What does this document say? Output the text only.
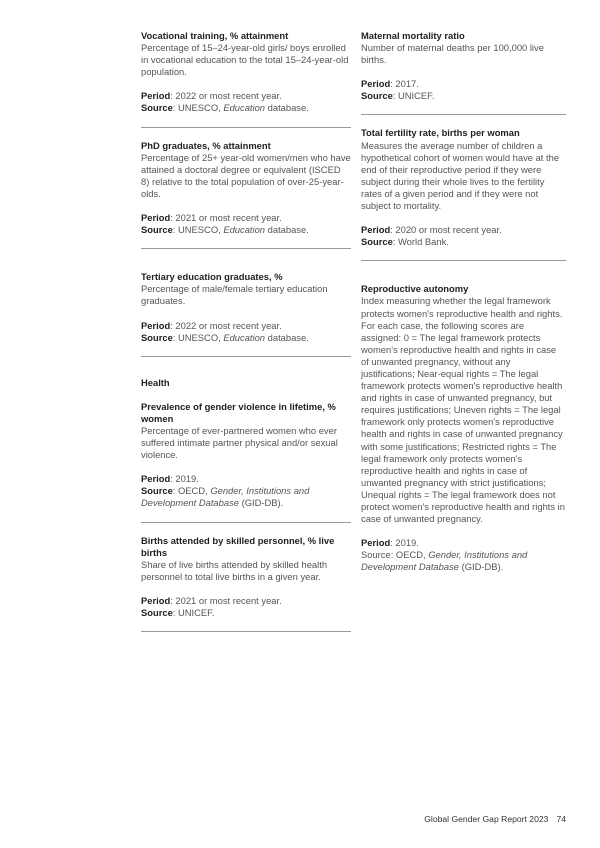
Vocational training, % attainment
Percentage of 15–24-year-old girls/ boys enrolled in vocational education to the total 15–24-year-old population.
Period: 2022 or most recent year.
Source: UNESCO, Education database.
PhD graduates, % attainment
Percentage of 25+ year-old women/men who have attained a doctoral degree or equivalent (ISCED 8) relative to the total population of over-25-year-olds.
Period: 2021 or most recent year.
Source: UNESCO, Education database.
Tertiary education graduates, %
Percentage of male/female tertiary education graduates.
Period: 2022 or most recent year.
Source: UNESCO, Education database.
Health
Prevalence of gender violence in lifetime, % women
Percentage of ever-partnered women who ever suffered intimate partner physical and/or sexual violence.
Period: 2019.
Source: OECD, Gender, Institutions and Development Database (GID-DB).
Births attended by skilled personnel, % live births
Share of live births attended by skilled health personnel to total live births in a given year.
Period: 2021 or most recent year.
Source: UNICEF.
Maternal mortality ratio
Number of maternal deaths per 100,000 live births.
Period: 2017.
Source: UNICEF.
Total fertility rate, births per woman
Measures the average number of children a hypothetical cohort of women would have at the end of their reproductive period if they were subject during their whole lives to the fertility rates of a given period and if they were not subject to mortality.
Period: 2020 or most recent year.
Source: World Bank.
Reproductive autonomy
Index measuring whether the legal framework protects women's reproductive health and rights. For each case, the following scores are assigned: 0 = The legal framework protects women's reproductive health and rights in case of unwanted pregnancy, without any justifications; Near-equal rights = The legal framework protects women's reproductive health and rights in case of unwanted pregnancy, but requires justifications; Uneven rights = The legal framework only protects women's reproductive health and rights in case of unwanted pregnancy with some justifications; Restricted rights = The legal framework only protects women's reproductive health and rights in case of unwanted pregnancy with strict justifications; Unequal rights = The legal framework does not protect women's reproductive health and rights in case of unwanted pregnancy.
Period: 2019.
Source: OECD, Gender, Institutions and Development Database (GID-DB).
Global Gender Gap Report 2023 74
